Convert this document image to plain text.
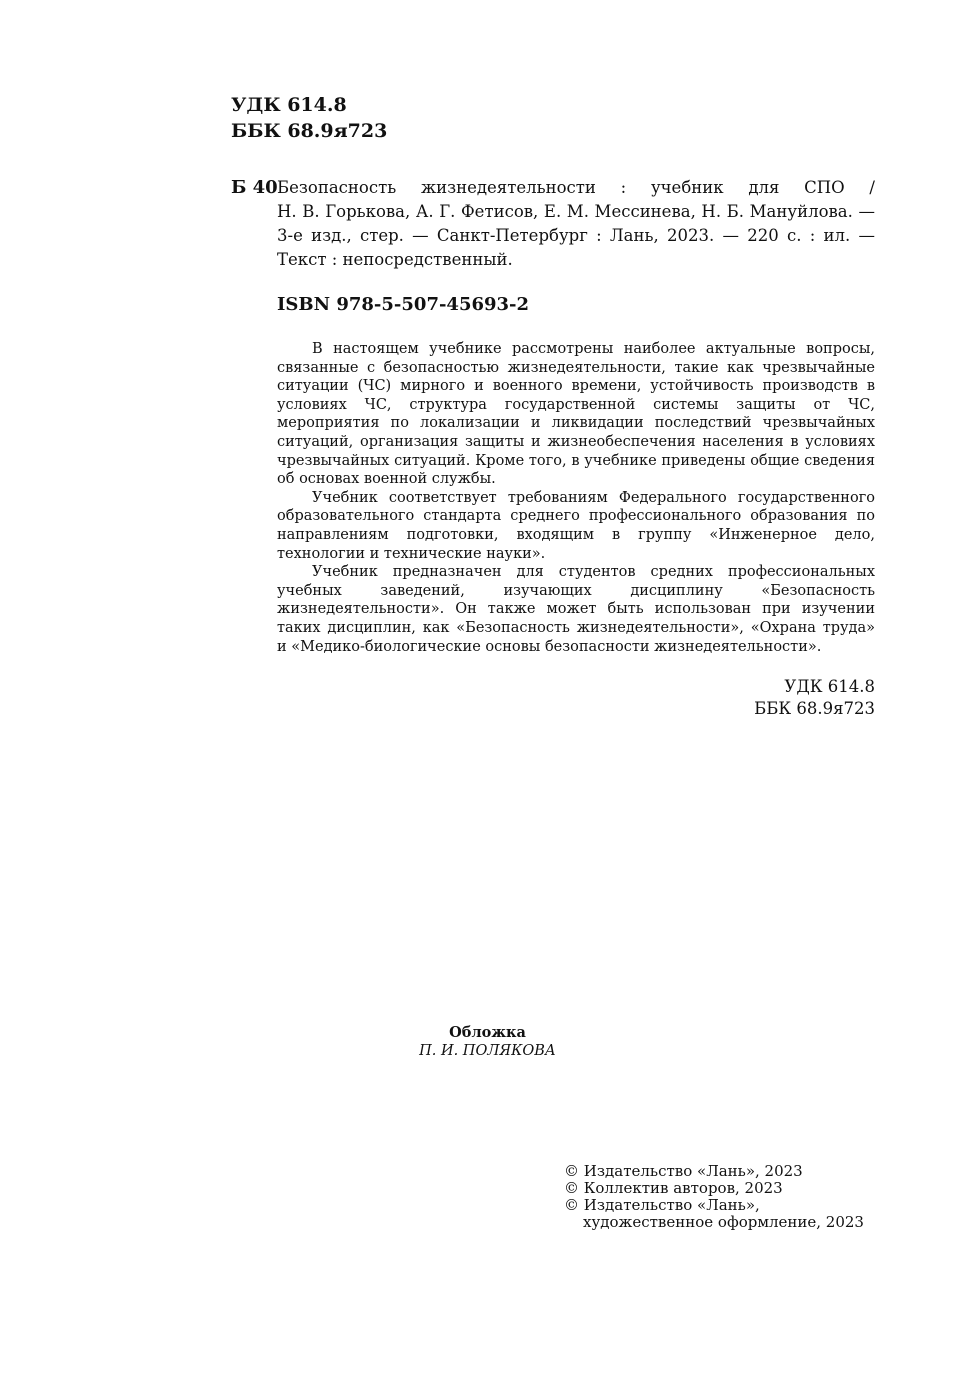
УДК 614.8
ББК 68.9я723
Б 40 Безопасность жизнедеятельности : учебник для СПО /
Н. В. Горькова, А. Г. Фетисов, Е. М. Мессинева, Н. Б. Мануйлова. —
3-е изд., стер. — Санкт-Петербург : Лань, 2023. — 220 с. : ил. —
Текст : непосредственный.
ISBN 978-5-507-45693-2

В настоящем учебнике рассмотрены наиболее актуальные вопросы, связанные с безопасностью жизнедеятельности, такие как чрезвычайные ситуации (ЧС) мирного и военного времени, устойчивость производств в условиях ЧС, структура государственной системы защиты от ЧС, мероприятия по локализации и ликвидации последствий чрезвычайных ситуаций, организация защиты и жизнеобеспечения населения в условиях чрезвычайных ситуаций. Кроме того, в учебнике приведены общие сведения об основах военной службы.

Учебник соответствует требованиям Федерального государственного образовательного стандарта среднего профессионального образования по направлениям подготовки, входящим в группу «Инженерное дело, технологии и технические науки».

Учебник предназначен для студентов средних профессиональных учебных заведений, изучающих дисциплину «Безопасность жизнедеятельности». Он также может быть использован при изучении таких дисциплин, как «Безопасность жизнедеятельности», «Охрана труда» и «Медико-биологические основы безопасности жизнедеятельности».

УДК 614.8
ББК 68.9я723
Обложка
П. И. ПОЛЯКОВА
© Издательство «Лань», 2023
© Коллектив авторов, 2023
© Издательство «Лань»,
художественное оформление, 2023
